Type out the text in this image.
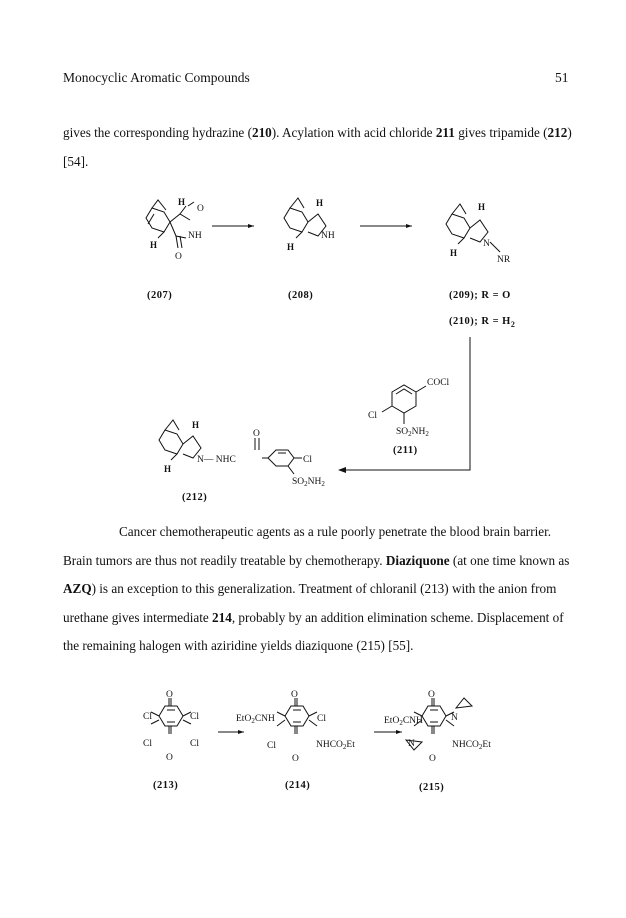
Monocyclic Aromatic Compounds	51
gives the corresponding hydrazine (210). Acylation with acid chloride 211 gives tripamide (212) [54].
Cancer chemotherapeutic agents as a rule poorly penetrate the blood brain barrier. Brain tumors are thus not readily treatable by chemotherapy. Diaziquone (at one time known as AZQ) is an exception to this generalization. Treatment of chloranil (213) with the anion from urethane gives intermediate 214, probably by an addition elimination scheme. Displacement of the remaining halogen with aziridine yields diaziquone (215) [55].
H
O
NH
H
O
H
NH
H
H
N
NR
H
(207)	(208)	(209); R = O
(210); $R = H_2$
COCl
Cl
$SO_2NH_2$
(211)
H
N— NHC
O
Cl
$SO_2NH_2$
H
(212)
O
Cl	Cl
Cl	Cl
O
O
EtO$_2$CNH	Cl
Cl	$NHCO_2Et$
O
O
EtO$_2$CNH	N
N	$NHCO_2Et$
O
(213)	(214)	(215)
